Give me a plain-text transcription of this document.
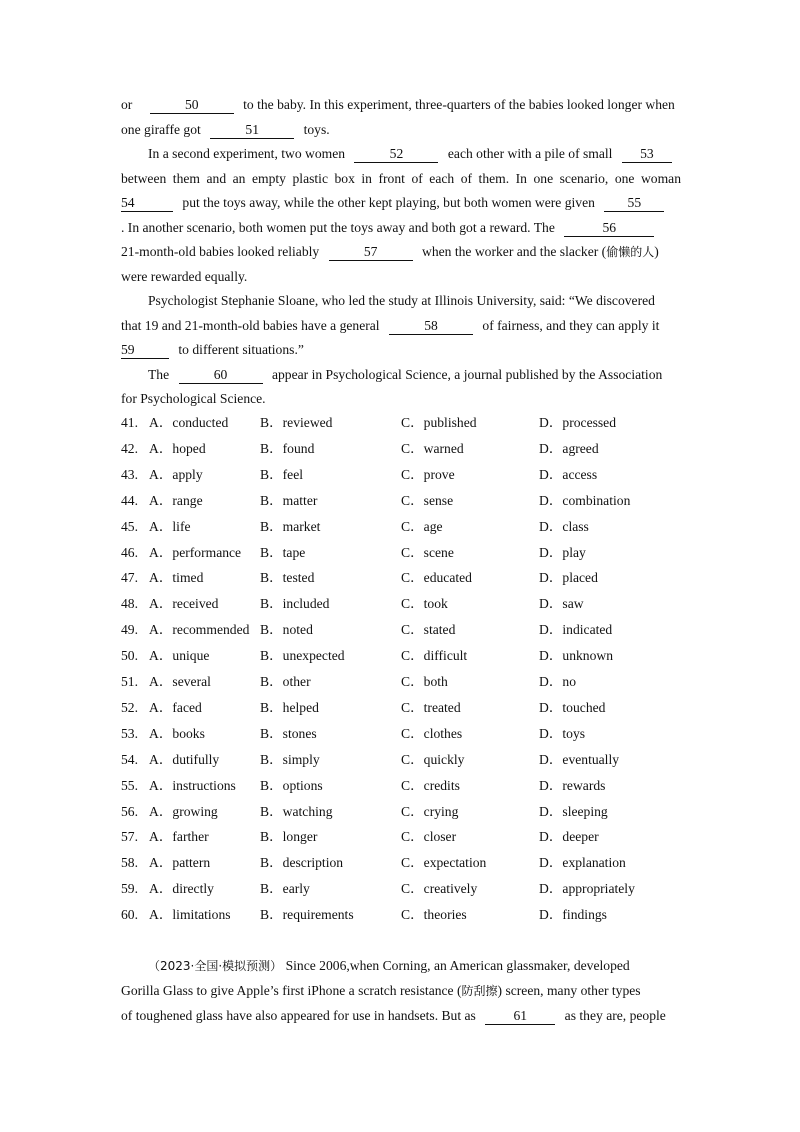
or	50	to the baby. In this experiment, three-quarters of the babies looked longer when
one giraffe got	51	toys.
In a second experiment, two women	52	each other with a pile of small 53
between them and an empty plastic box in front of each of them. In one scenario, one woman
54	put the toys away, while the other kept playing, but both women were given 55
. In another scenario, both women put the toys away and both got a reward. The	56
21-month-old babies looked reliably	57	when the worker and the slacker (偷懒的人)
were rewarded equally.
Psychologist Stephanie Sloane, who led the study at Illinois University, said: “We discovered
that 19 and 21-month-old babies have a general	58	of fairness, and they can apply it
59	to different situations.”
The	60	appear in Psychological Science, a journal published by the Association
for Psychological Science.
41. A．conducted B．reviewed	C．published	D．processed
42. A．hoped	B．found	C．warned	D．agreed
43. A．apply	B．feel	C．prove	D．access
44. A．range	B．matter	C．sense	D．combination
45. A．life	B．market	C．age	D．class
46. A．performance B．tape	C．scene	D．play
47. A．timed	B．tested	C．educated	D．placed
48. A．received	B．included	C．took	D．saw
49. A．recommended B．noted	C．stated	D．indicated
50. A．unique	B．unexpected	C．difficult	D．unknown
51. A．several	B．other	C．both	D．no
52. A．faced	B．helped	C．treated	D．touched
53. A．books	B．stones	C．clothes	D．toys
54. A．dutifully	B．simply	C．quickly	D．eventually
55. A．instructions B．options	C．credits	D．rewards
56. A．growing	B．watching	C．crying	D．sleeping
57. A．farther	B．longer	C．closer	D．deeper
58. A．pattern	B．description	C．expectation	D．explanation
59. A．directly	B．early	C．creatively	D．appropriately
60. A．limitations B．requirements	C．theories	D．findings
（2023·全国·模拟预测） Since 2006,when Corning, an American glassmaker, developed
Gorilla Glass to give Apple’s first iPhone a scratch resistance (防刮擦) screen, many other types
of toughened glass have also appeared for use in handsets. But as	61	as they are, people
